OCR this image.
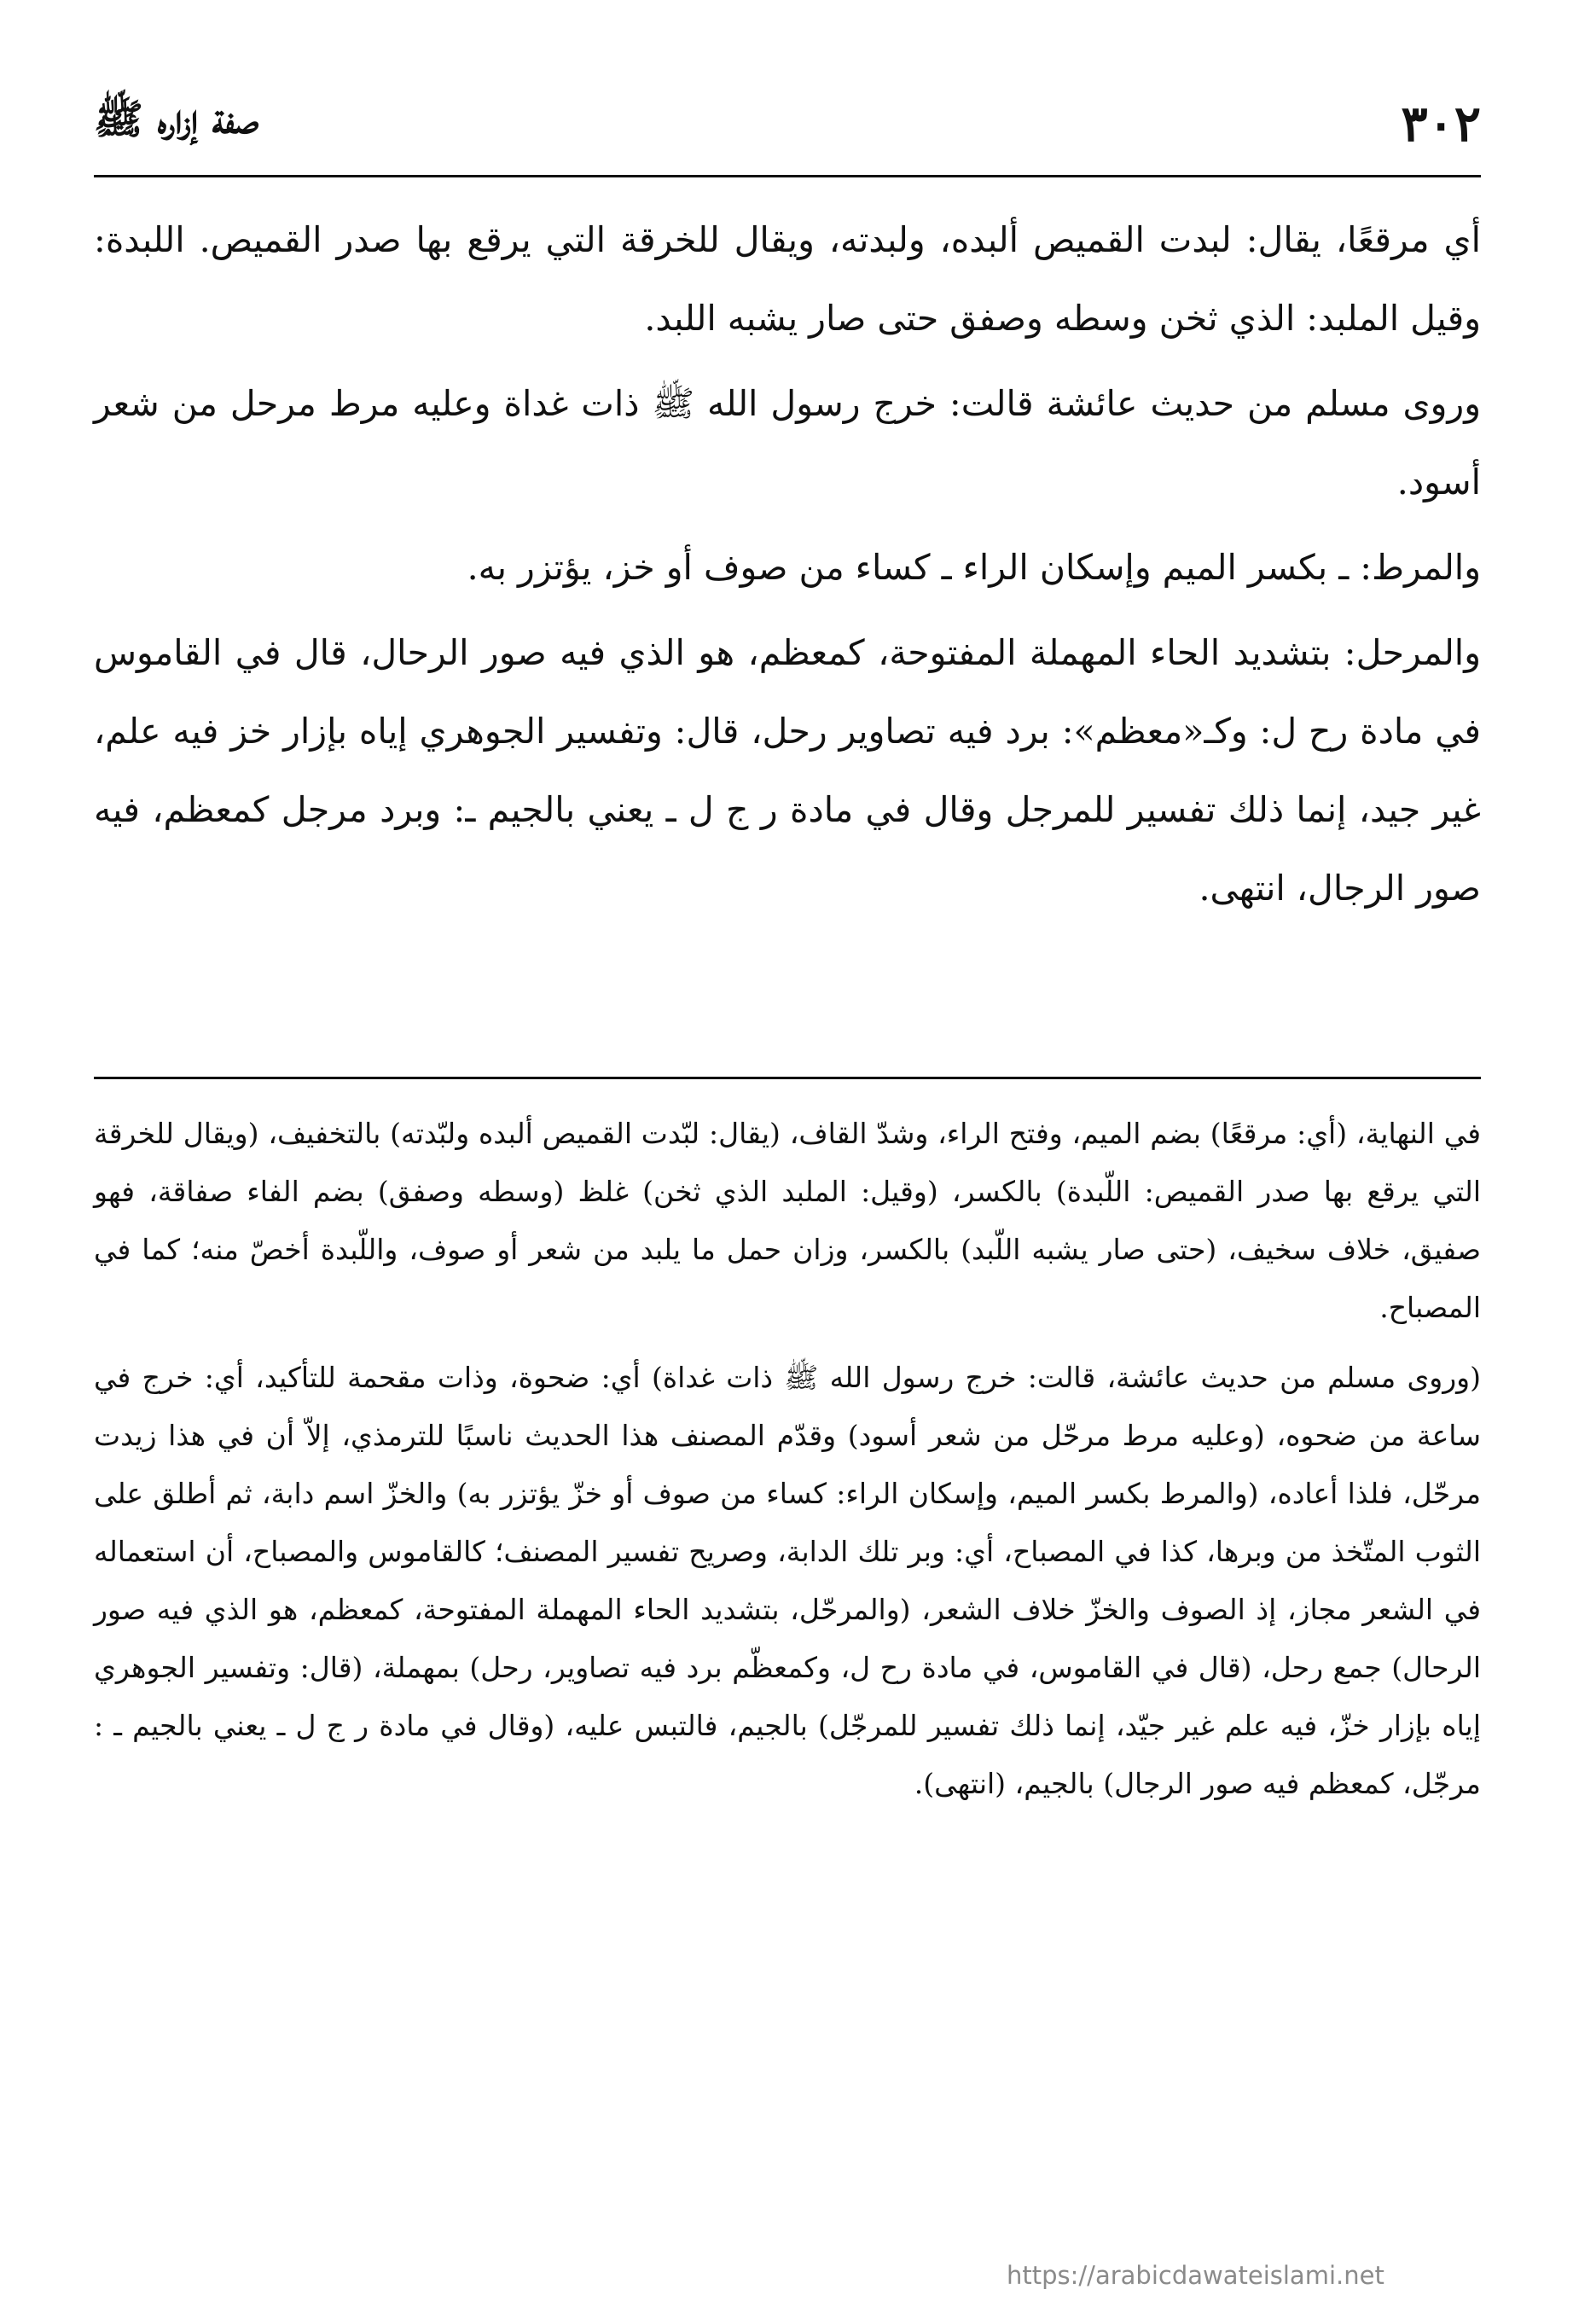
٣٠٢
صفة إزاره ﷺ

أي مرقعًا، يقال: لبدت القميص ألبده، ولبدته، ويقال للخرقة التي يرقع بها صدر القميص. اللبدة: وقيل الملبد: الذي ثخن وسطه وصفق حتى صار يشبه اللبد.

وروى مسلم من حديث عائشة قالت: خرج رسول الله ﷺ ذات غداة وعليه مرط مرحل من شعر أسود.

والمرط: ـ بكسر الميم وإسكان الراء ـ كساء من صوف أو خز، يؤتزر به.

والمرحل: بتشديد الحاء المهملة المفتوحة، كمعظم، هو الذي فيه صور الرحال، قال في القاموس في مادة رح ل: وكـ«معظم»: برد فيه تصاوير رحل، قال: وتفسير الجوهري إياه بإزار خز فيه علم، غير جيد، إنما ذلك تفسير للمرجل وقال في مادة ر ج ل ـ يعني بالجيم ـ: وبرد مرجل كمعظم، فيه صور الرجال، انتهى.

في النهاية، (أي: مرقعًا) بضم الميم، وفتح الراء، وشدّ القاف، (يقال: لبّدت القميص ألبده ولبّدته) بالتخفيف، (ويقال للخرقة التي يرقع بها صدر القميص: اللّبدة) بالكسر، (وقيل: الملبد الذي ثخن) غلظ (وسطه وصفق) بضم الفاء صفاقة، فهو صفيق، خلاف سخيف، (حتى صار يشبه اللّبد) بالكسر، وزان حمل ما يلبد من شعر أو صوف، واللّبدة أخصّ منه؛ كما في المصباح.

(وروى مسلم من حديث عائشة، قالت: خرج رسول الله ﷺ ذات غداة) أي: ضحوة، وذات مقحمة للتأكيد، أي: خرج في ساعة من ضحوه، (وعليه مرط مرحّل من شعر أسود) وقدّم المصنف هذا الحديث ناسبًا للترمذي، إلاّ أن في هذا زيدت مرحّل، فلذا أعاده، (والمرط بكسر الميم، وإسكان الراء: كساء من صوف أو خزّ يؤتزر به) والخزّ اسم دابة، ثم أطلق على الثوب المتّخذ من وبرها، كذا في المصباح، أي: وبر تلك الدابة، وصريح تفسير المصنف؛ كالقاموس والمصباح، أن استعماله في الشعر مجاز، إذ الصوف والخزّ خلاف الشعر، (والمرحّل، بتشديد الحاء المهملة المفتوحة، كمعظم، هو الذي فيه صور الرحال) جمع رحل، (قال في القاموس، في مادة رح ل، وكمعظّم برد فيه تصاوير، رحل) بمهملة، (قال: وتفسير الجوهري إياه بإزار خزّ، فيه علم غير جيّد، إنما ذلك تفسير للمرجّل) بالجيم، فالتبس عليه، (وقال في مادة ر ج ل ـ يعني بالجيم ـ : مرجّل، كمعظم فيه صور الرجال) بالجيم، (انتهى).

https://arabicdawateislami.net
